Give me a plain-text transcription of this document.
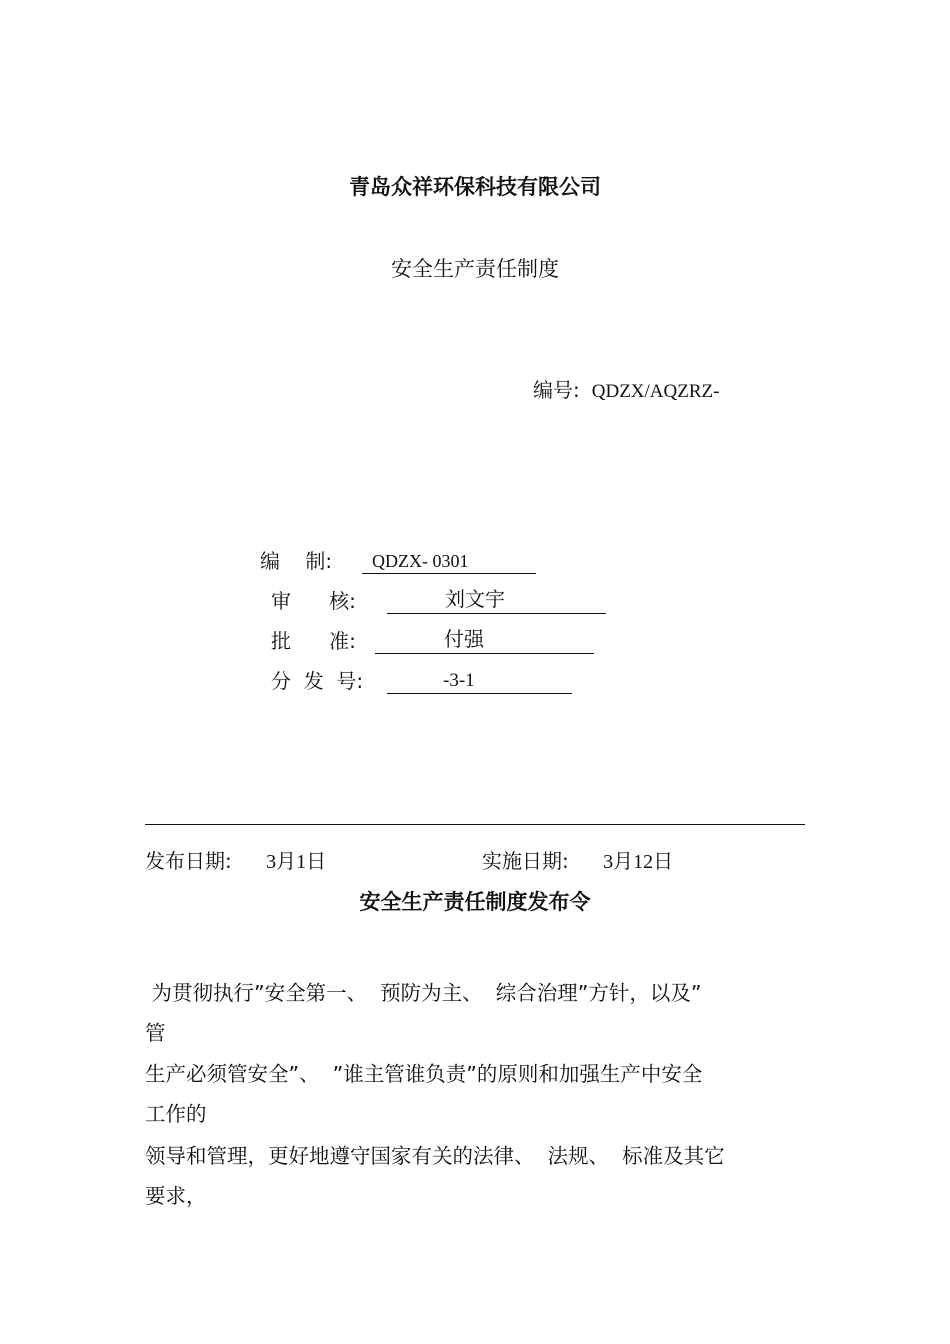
青岛众祥环保科技有限公司
安全生产责任制度
编号: QDZX/AQZRZ-
编    制: QDZX- 0301
审      核:	刘文宇
批      准:	付强
分  发  号:	-3-1
发布日期: 3月1日	实施日期: 3月12日
安全生产责任制度发布令
为贯彻执行”安全第一、  预防为主、  综合治理”方针，以及”
管
生产必须管安全”、  ”谁主管谁负责”的原则和加强生产中安全
工作的
领导和管理，更好地遵守国家有关的法律、  法规、  标准及其它
要求，
